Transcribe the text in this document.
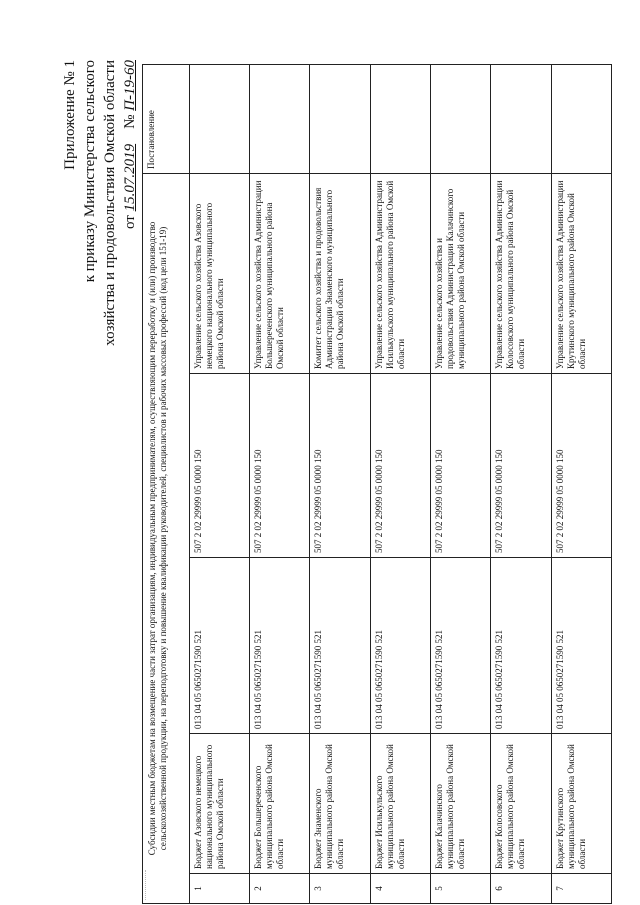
Приложение № 1 к приказу Министерства сельского хозяйства и продовольствия Омской области от 15.07.2019    № П-19-60
Субсидии местным бюджетам на возмещение части затрат организациям, индивидуальным предпринимателям, осуществляющим переработку и (или) производство сельскохозяйственной продукции, на переподготовку и повышение квалификации руководителей, специалистов и рабочих массовых профессий (код цели 151-19)					Постановление
1	Бюджет Азовского немецкого национального муниципального района Омской области	013 04 05 0650271590 521	507 2 02 29999 05 0000 150	Управление сельского хозяйства Азовского немецкого национального муниципального района Омской области	
2	Бюджет Большереченского муниципального района Омской области	013 04 05 0650271590 521	507 2 02 29999 05 0000 150	Управление сельского хозяйства Администрации Большереченского муниципального района Омской области	
3	Бюджет Знаменского муниципального района Омской области	013 04 05 0650271590 521	507 2 02 29999 05 0000 150	Комитет сельского хозяйства и продовольствия Администрации Знаменского муниципального района Омской области	
4	Бюджет Исилькульского муниципального района Омской области	013 04 05 0650271590 521	507 2 02 29999 05 0000 150	Управление сельского хозяйства Администрации Исилькульского муниципального района Омской области	
5	Бюджет Калачинского муниципального района Омской области	013 04 05 0650271590 521	507 2 02 29999 05 0000 150	Управление сельского хозяйства и продовольствия Администрации Калачинского муниципального района Омской области	
6	Бюджет Колосовского муниципального района Омской области	013 04 05 0650271590 521	507 2 02 29999 05 0000 150	Управление сельского хозяйства Администрации Колосовского муниципального района Омской области	
7	Бюджет Крутинского муниципального района Омской области	013 04 05 0650271590 521	507 2 02 29999 05 0000 150	Управление сельского хозяйства Администрации Крутинского муниципального района Омской области	
